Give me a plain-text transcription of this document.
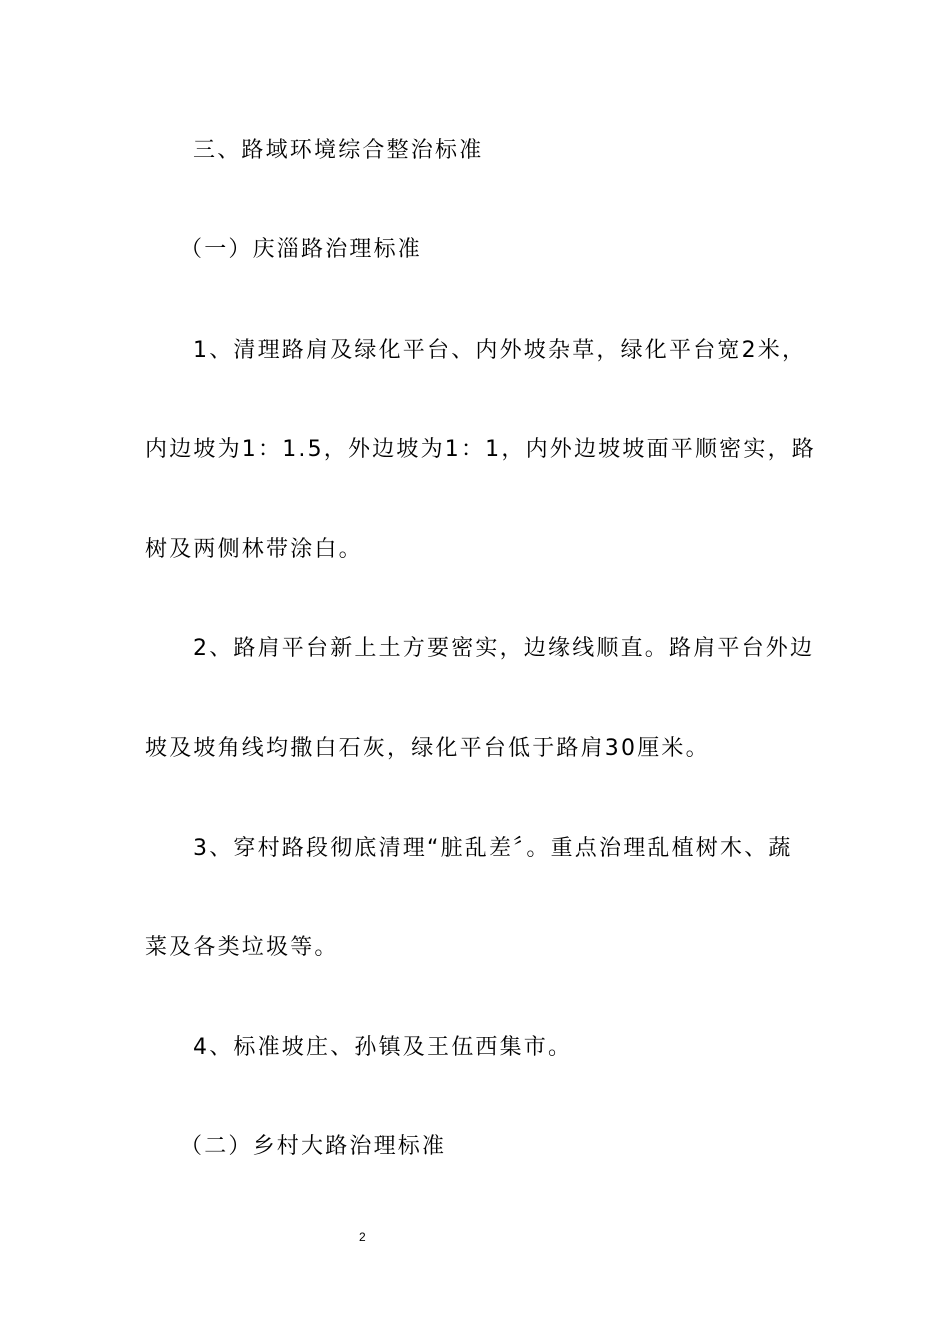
三、路域环境综合整治标准
（一）庆淄路治理标准
1、清理路肩及绿化平台、内外坡杂草，绿化平台宽2米，
内边坡为1：1.5，外边坡为1：1，内外边坡坡面平顺密实，路
树及两侧林带涂白。
2、路肩平台新上土方要密实，边缘线顺直。路肩平台外边
坡及坡角线均撒白石灰，绿化平台低于路肩30厘米。
3、穿村路段彻底清理“脏乱差〞。重点治理乱植树木、蔬
菜及各类垃圾等。
4、标准坡庄、孙镇及王伍西集市。
（二）乡村大路治理标准
2
